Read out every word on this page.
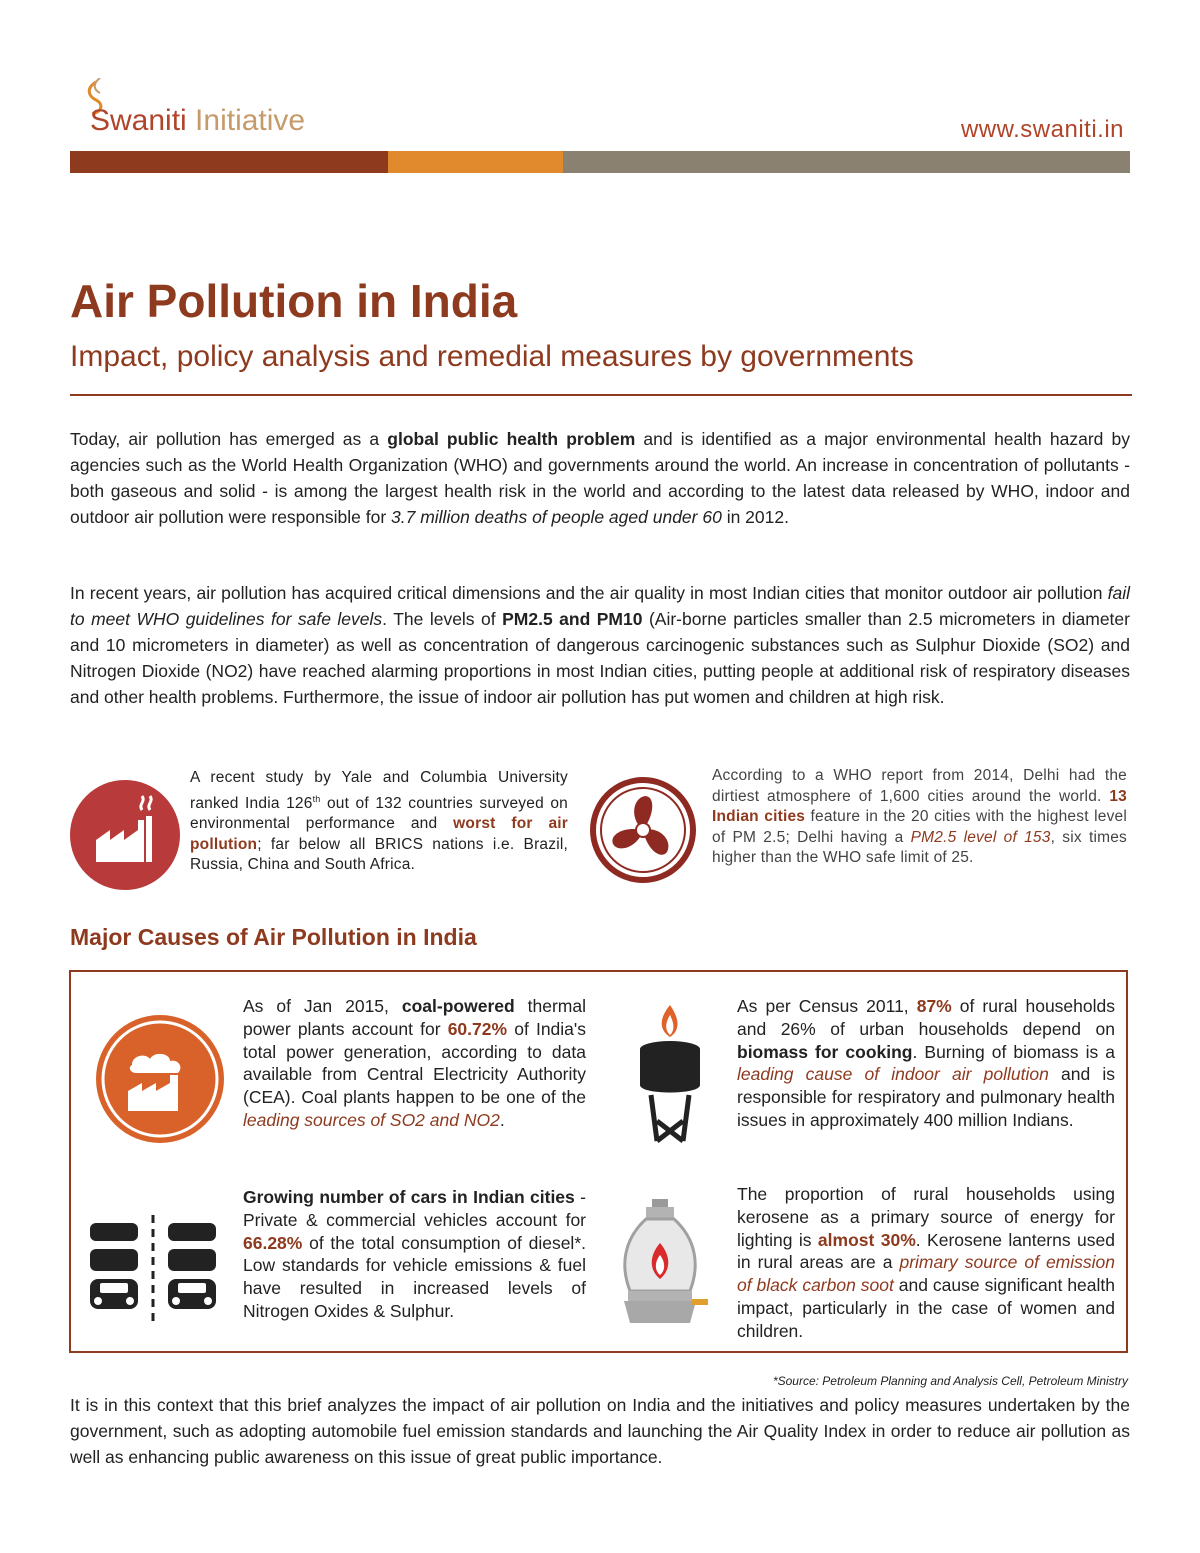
Swaniti Initiative	www.swaniti.in
Air Pollution in India
Impact, policy analysis and remedial measures by governments
Today, air pollution has emerged as a global public health problem and is identified as a major environmental health hazard by agencies such as the World Health Organization (WHO) and governments around the world. An increase in concentration of pollutants - both gaseous and solid - is among the largest health risk in the world and according to the latest data released by WHO, indoor and outdoor air pollution were responsible for 3.7 million deaths of people aged under 60 in 2012.
In recent years, air pollution has acquired critical dimensions and the air quality in most Indian cities that monitor outdoor air pollution fail to meet WHO guidelines for safe levels. The levels of PM2.5 and PM10 (Air-borne particles smaller than 2.5 micrometers in diameter and 10 micrometers in diameter) as well as concentration of dangerous carcinogenic substances such as Sulphur Dioxide (SO2) and Nitrogen Dioxide (NO2) have reached alarming proportions in most Indian cities, putting people at additional risk of respiratory diseases and other health problems. Furthermore, the issue of indoor air pollution has put women and children at high risk.
A recent study by Yale and Columbia University ranked India 126th out of 132 countries surveyed on environmental performance and worst for air pollution; far below all BRICS nations i.e. Brazil, Russia, China and South Africa.
According to a WHO report from 2014, Delhi had the dirtiest atmosphere of 1,600 cities around the world. 13 Indian cities feature in the 20 cities with the highest level of PM 2.5; Delhi having a PM2.5 level of 153, six times higher than the WHO safe limit of 25.
Major Causes of Air Pollution in India
As of Jan 2015, coal-powered thermal power plants account for 60.72% of India's total power generation, according to data available from Central Electricity Authority (CEA). Coal plants happen to be one of the leading sources of SO2 and NO2.
As per Census 2011, 87% of rural households and 26% of urban households depend on biomass for cooking. Burning of biomass is a leading cause of indoor air pollution and is responsible for respiratory and pulmonary health issues in approximately 400 million Indians.
Growing number of cars in Indian cities - Private & commercial vehicles account for 66.28% of the total consumption of diesel*. Low standards for vehicle emissions & fuel have resulted in increased levels of Nitrogen Oxides & Sulphur.
The proportion of rural households using kerosene as a primary source of energy for lighting is almost 30%. Kerosene lanterns used in rural areas are a primary source of emission of black carbon soot and cause significant health impact, particularly in the case of women and children.
*Source: Petroleum Planning and Analysis Cell, Petroleum Ministry
It is in this context that this brief analyzes the impact of air pollution on India and the initiatives and policy measures undertaken by the government, such as adopting automobile fuel emission standards and launching the Air Quality Index in order to reduce air pollution as well as enhancing public awareness on this issue of great public importance.
